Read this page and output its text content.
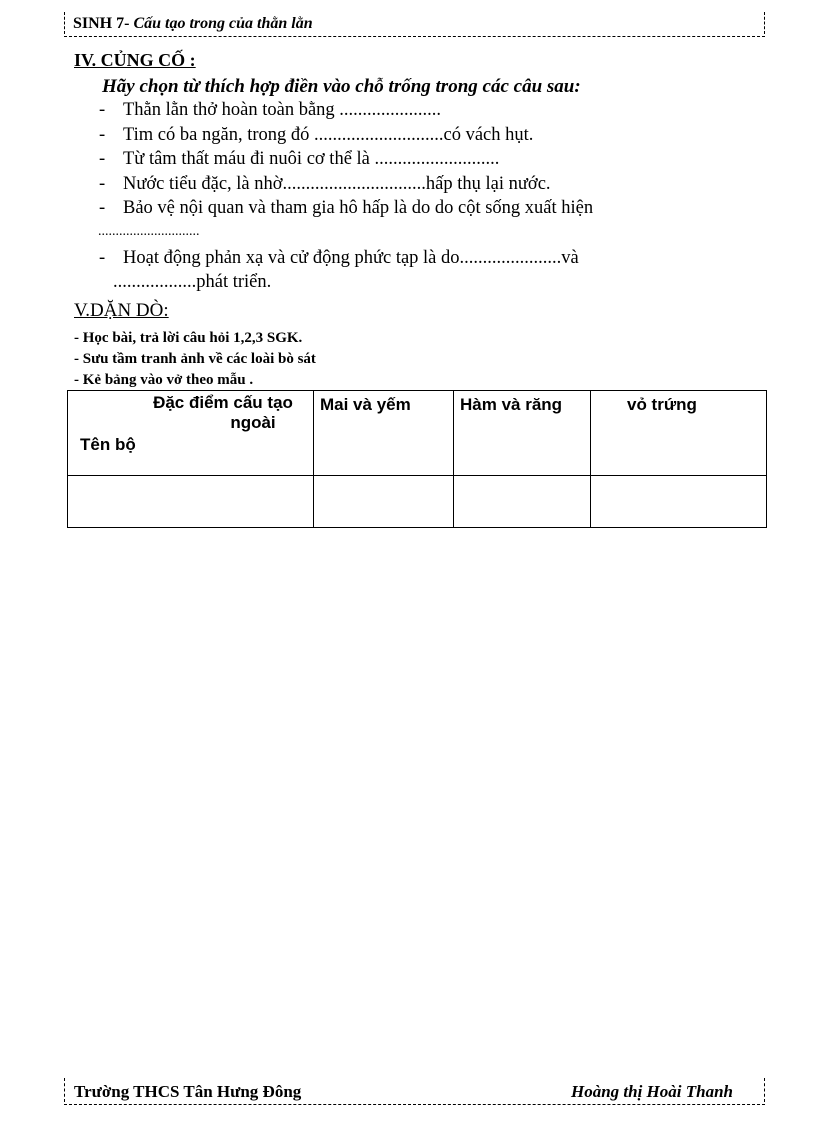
SINH 7- Cấu tạo trong của thằn lằn
IV. CỦNG CỐ :
Hãy chọn từ thích hợp điền vào chỗ trống trong các câu sau:
- Thằn lằn thở hoàn toàn bằng ......................
- Tim có ba ngăn, trong đó ............................có vách hụt.
- Từ tâm thất máu đi nuôi cơ thể là ...........................
- Nước tiểu đặc, là nhờ...............................hấp thụ lại nước.
- Bảo vệ nội quan và tham gia hô hấp là do do cột sống xuất hiện
.............................
- Hoạt động phản xạ và cử động phức tạp là do......................và
..................phát triển.
V.DẶN DÒ:
- Học bài, trả lời câu hỏi 1,2,3 SGK.
- Sưu tầm tranh ảnh về các loài bò sát
- Kẻ bảng vào vở theo mẫu .
Đặc điểm cấu tạo
ngoài
Tên bộ	Mai và yếm	Hàm và răng	vỏ trứng

Trường THCS Tân Hưng Đông	Hoàng thị Hoài Thanh
